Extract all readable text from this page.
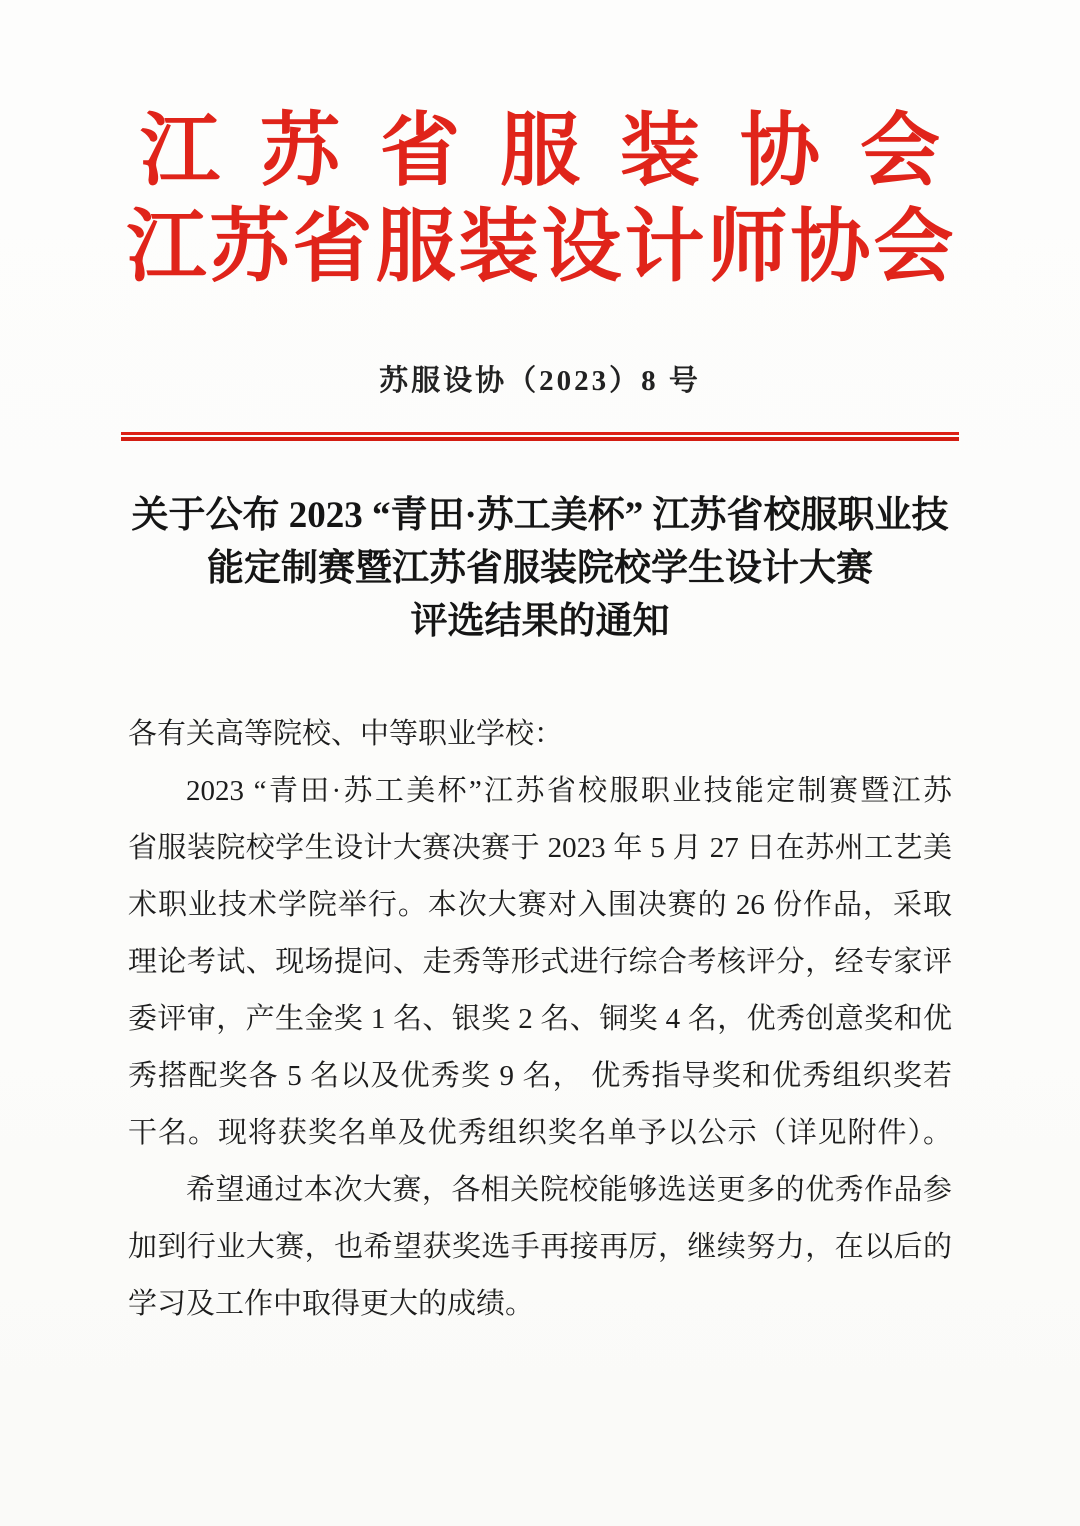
江苏省服装协会
江苏省服装设计师协会
苏服设协（2023）8 号
关于公布 2023 “青田·苏工美杯” 江苏省校服职业技
能定制赛暨江苏省服装院校学生设计大赛
评选结果的通知
各有关高等院校、中等职业学校：
2023 “青田·苏工美杯”江苏省校服职业技能定制赛暨江苏
省服装院校学生设计大赛决赛于 2023 年 5 月 27 日在苏州工艺美
术职业技术学院举行。本次大赛对入围决赛的 26 份作品，采取
理论考试、现场提问、走秀等形式进行综合考核评分，经专家评
委评审，产生金奖 1 名、银奖 2 名、铜奖 4 名，优秀创意奖和优
秀搭配奖各 5 名以及优秀奖 9 名， 优秀指导奖和优秀组织奖若
干名。现将获奖名单及优秀组织奖名单予以公示（详见附件）。
希望通过本次大赛，各相关院校能够选送更多的优秀作品参
加到行业大赛，也希望获奖选手再接再厉，继续努力，在以后的
学习及工作中取得更大的成绩。
